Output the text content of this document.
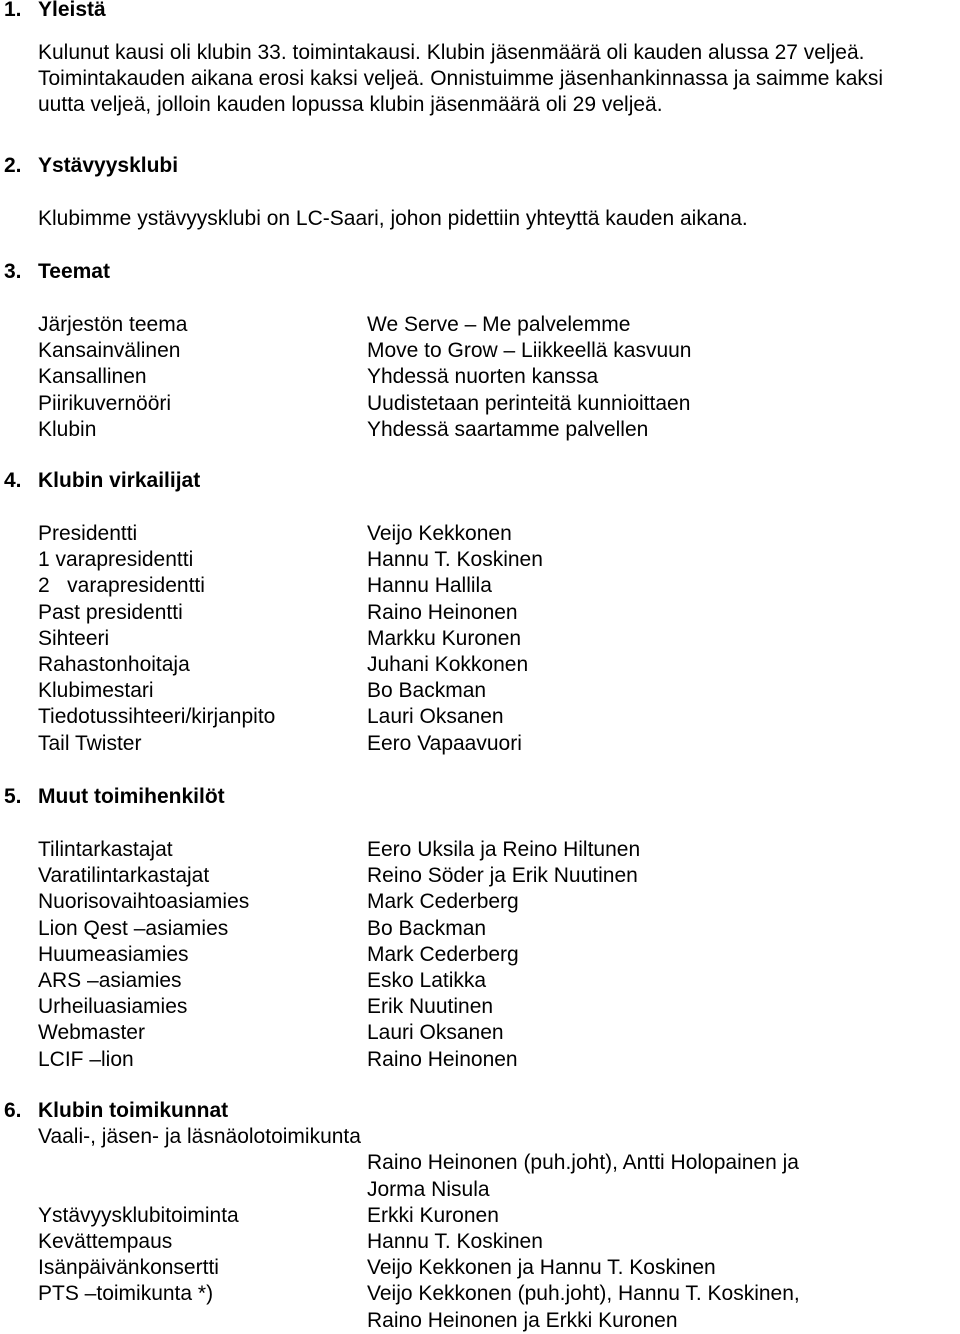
1. Yleistä
Kulunut kausi oli klubin 33. toimintakausi. Klubin jäsenmäärä oli kauden alussa 27 veljeä.
Toimintakauden aikana erosi kaksi veljeä. Onnistuimme jäsenhankinnassa ja saimme kaksi
uutta veljeä, jolloin kauden lopussa klubin jäsenmäärä oli 29 veljeä.
2. Ystävyysklubi
Klubimme ystävyysklubi on LC-Saari, johon pidettiin yhteyttä kauden aikana.
3. Teemat
Järjestön teema	We Serve – Me palvelemme
Kansainvälinen	Move to Grow – Liikkeellä kasvuun
Kansallinen	Yhdessä nuorten kanssa
Piirikuvernööri	Uudistetaan perinteitä kunnioittaen
Klubin	Yhdessä saartamme palvellen
4. Klubin virkailijat
Presidentti	Veijo Kekkonen
1 varapresidentti	Hannu T. Koskinen
2   varapresidentti	Hannu Hallila
Past presidentti	Raino Heinonen
Sihteeri	Markku Kuronen
Rahastonhoitaja	Juhani Kokkonen
Klubimestari	Bo Backman
Tiedotussihteeri/kirjanpito	Lauri Oksanen
Tail Twister	Eero Vapaavuori
5. Muut toimihenkilöt
Tilintarkastajat	Eero Uksila ja Reino Hiltunen
Varatilintarkastajat	Reino Söder ja Erik Nuutinen
Nuorisovaihtoasiamies	Mark Cederberg
Lion Qest –asiamies	Bo Backman
Huumeasiamies	Mark Cederberg
ARS –asiamies	Esko Latikka
Urheiluasiamies	Erik Nuutinen
Webmaster	Lauri Oksanen
LCIF –lion	Raino Heinonen
6. Klubin toimikunnat
Vaali-, jäsen- ja läsnäolotoimikunta
Raino Heinonen (puh.joht), Antti Holopainen ja
Jorma Nisula
Ystävyysklubitoiminta	Erkki Kuronen
Kevättempaus	Hannu T. Koskinen
Isänpäivänkonsertti	Veijo Kekkonen ja Hannu T. Koskinen
PTS –toimikunta *)	Veijo Kekkonen (puh.joht), Hannu T. Koskinen,
Raino Heinonen ja Erkki Kuronen
